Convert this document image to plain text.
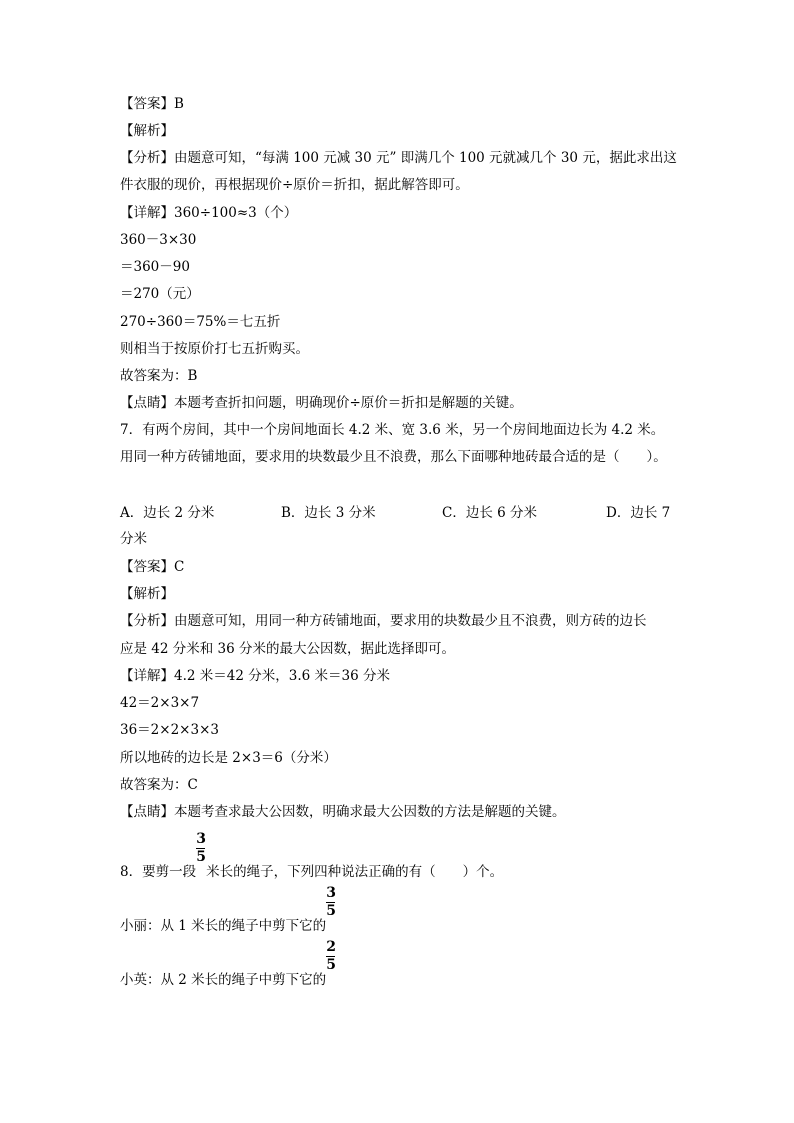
【答案】B
【解析】
【分析】由题意可知，“每满 100 元减 30 元” 即满几个 100 元就减几个 30 元，据此求出这
件衣服的现价，再根据现价÷原价＝折扣，据此解答即可。
【详解】360÷100≈3（个）
360－3×30
＝360－90
＝270（元）
270÷360＝75%＝七五折
则相当于按原价打七五折购买。
故答案为：B
【点睛】本题考查折扣问题，明确现价÷原价＝折扣是解题的关键。
7．有两个房间，其中一个房间地面长 4.2 米、宽 3.6 米，另一个房间地面边长为 4.2 米。
用同一种方砖铺地面，要求用的块数最少且不浪费，那么下面哪种地砖最合适的是（　　）。
A．边长 2 分米	B．边长 3 分米	C．边长 6 分米	D．边长 7
分米
【答案】C
【解析】
【分析】由题意可知，用同一种方砖铺地面，要求用的块数最少且不浪费，则方砖的边长
应是 42 分米和 36 分米的最大公因数，据此选择即可。
【详解】4.2 米＝42 分米，3.6 米＝36 分米
42＝2×3×7
36＝2×2×3×3
所以地砖的边长是 2×3＝6（分米）
故答案为：C
【点睛】本题考查求最大公因数，明确求最大公因数的方法是解题的关键。
8．要剪一段 $\frac{3}{5}$ 米长的绳子，下列四种说法正确的有（　　）个。
小丽：从 1 米长的绳子中剪下它的 $\frac{3}{5}$
小英：从 2 米长的绳子中剪下它的 $\frac{2}{5}$
